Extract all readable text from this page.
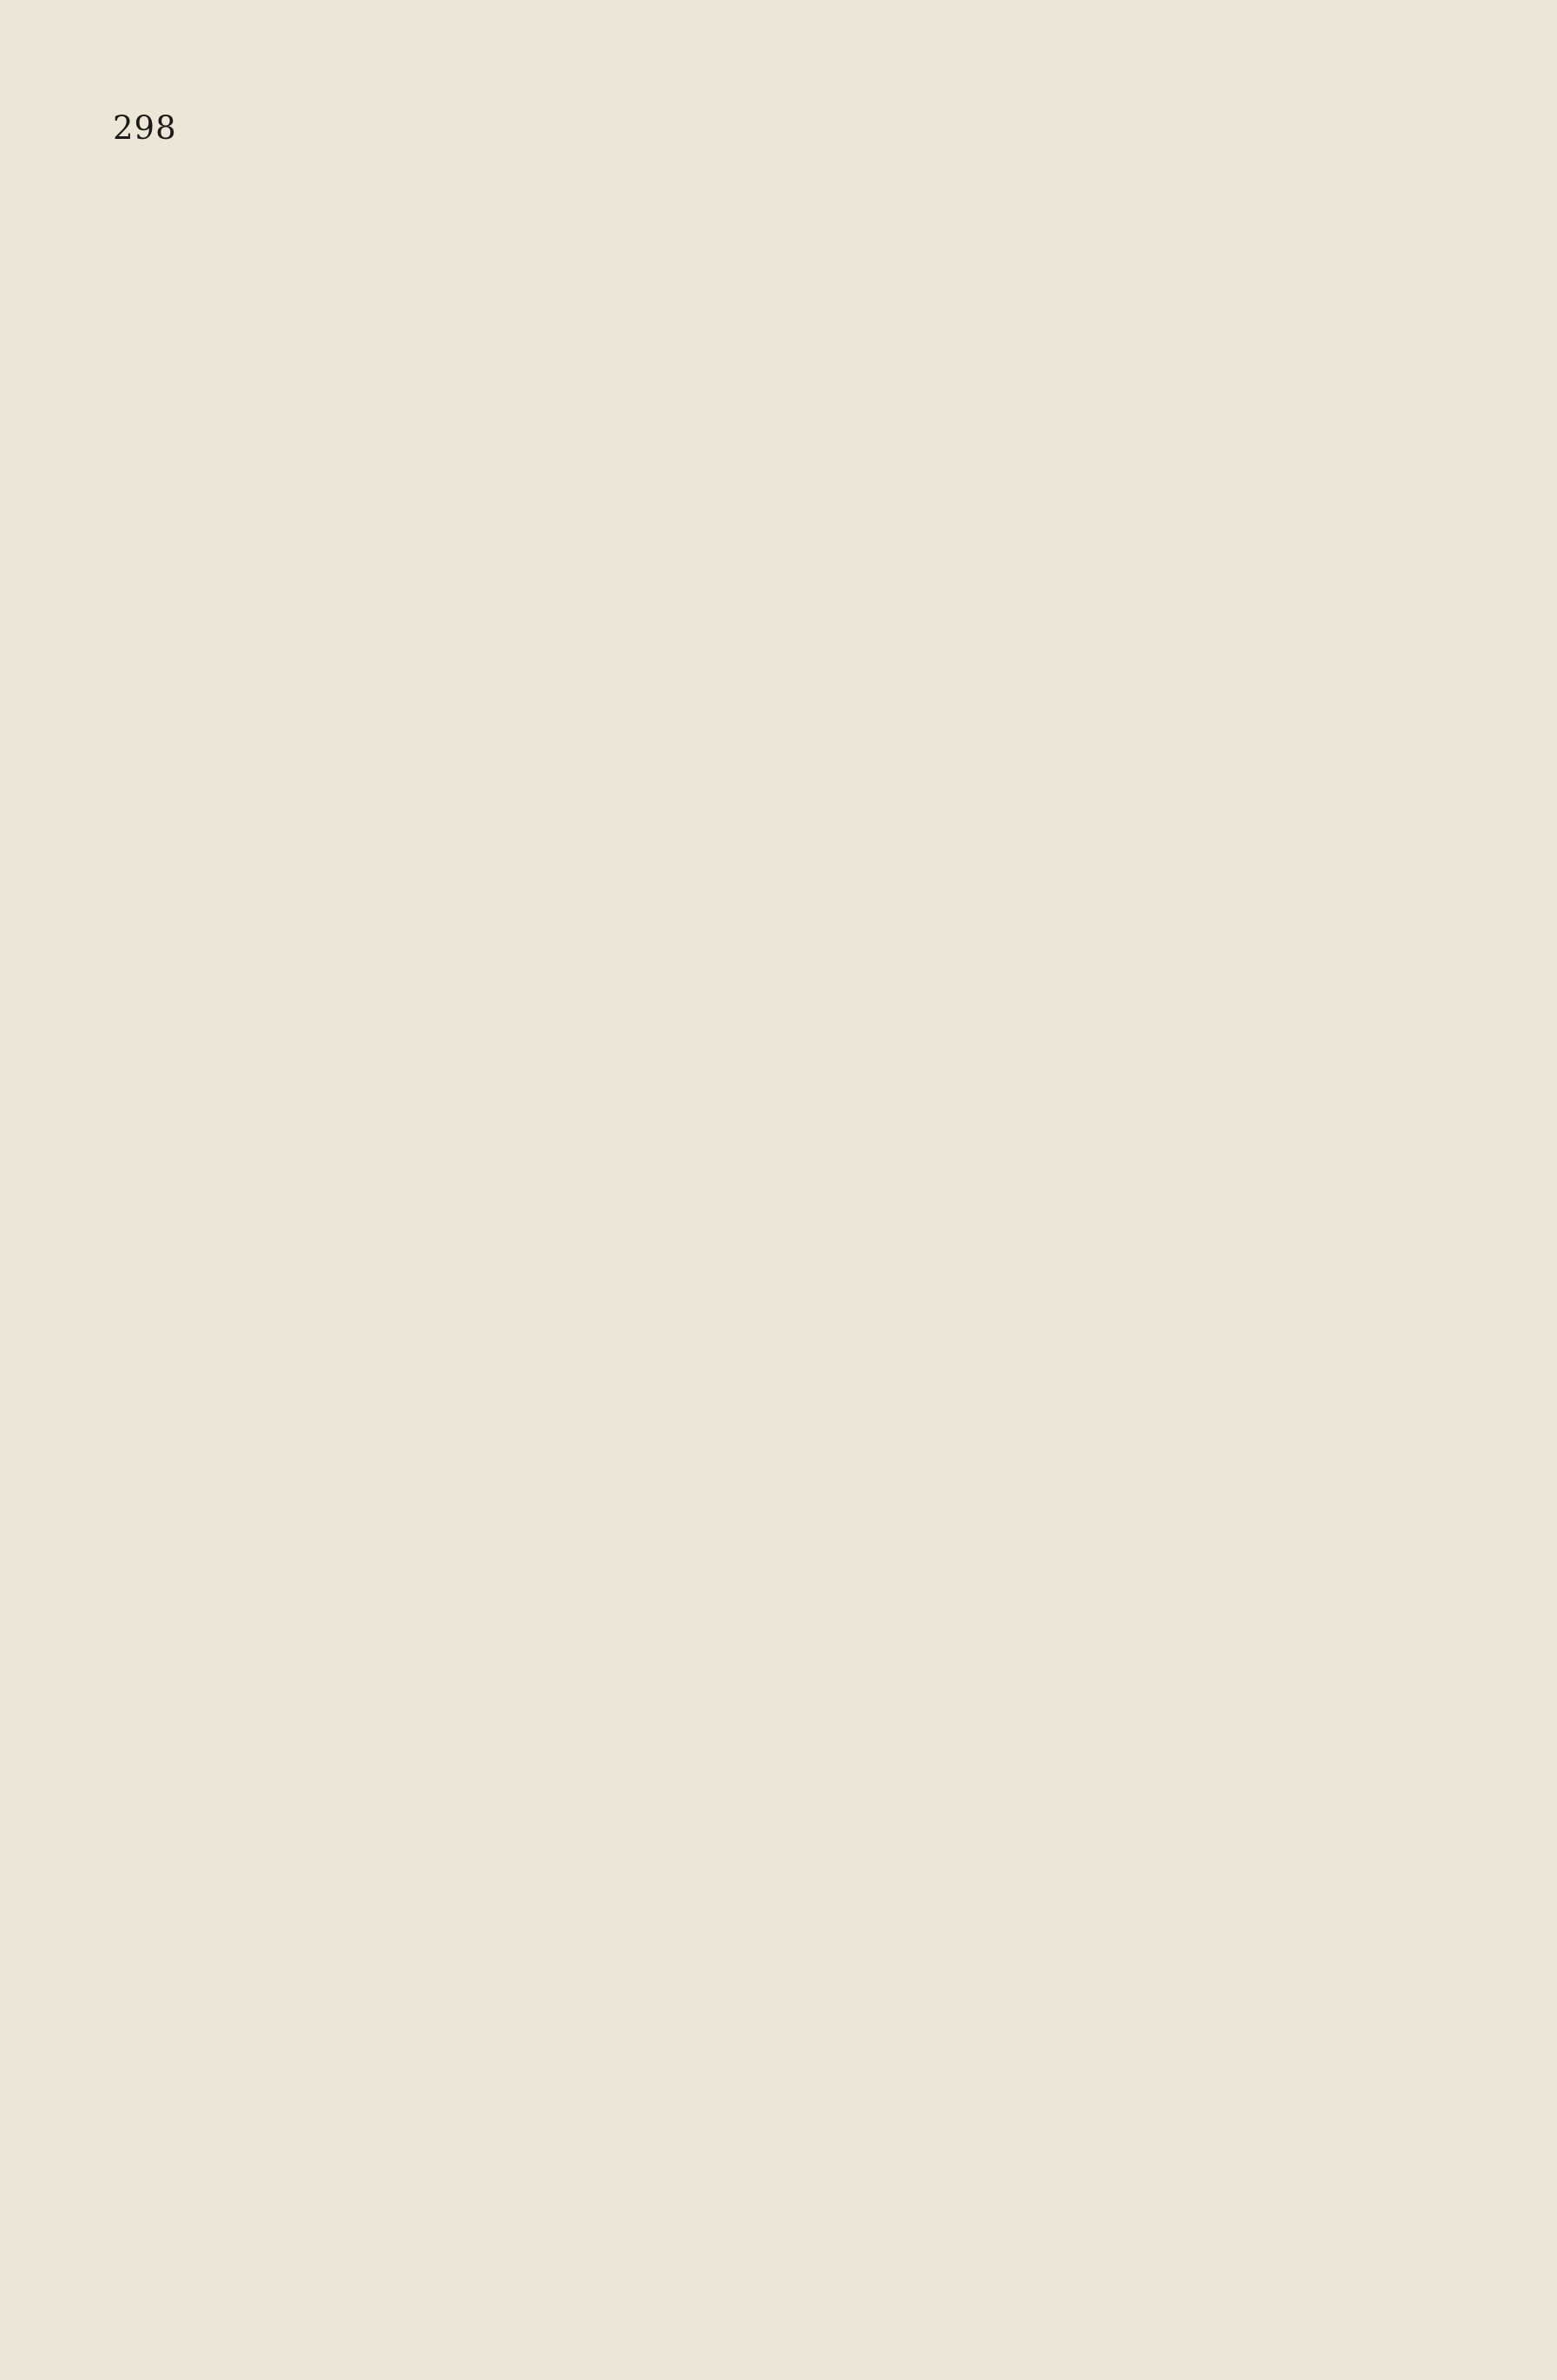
298
